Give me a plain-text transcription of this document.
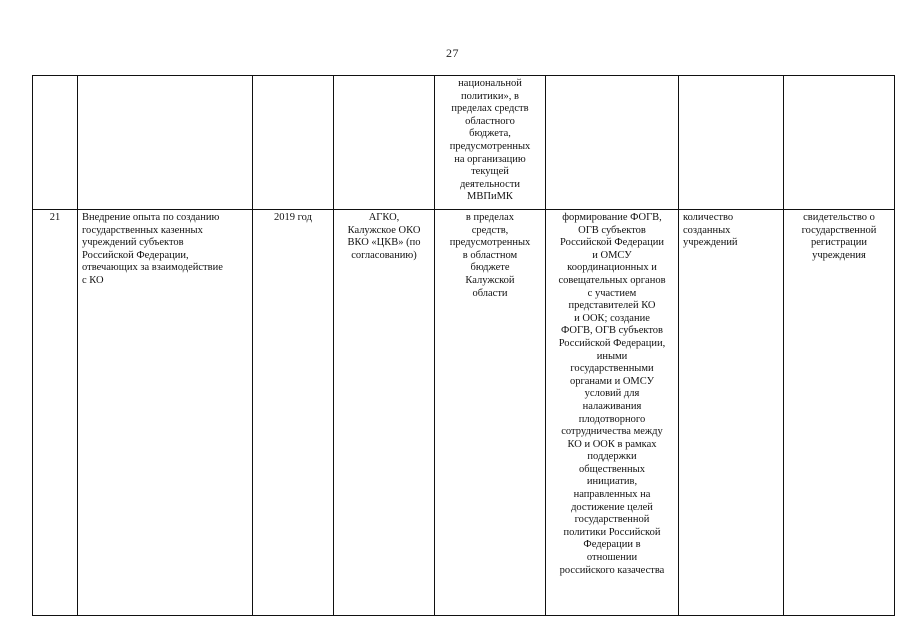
27
национальной
политики», в
пределах средств
областного
бюджета,
предусмотренных
на организацию
текущей
деятельности
МВПиМК
21	Внедрение опыта по созданию
государственных казенных
учреждений субъектов
Российской Федерации,
отвечающих за взаимодействие
с КО
2019 год	АГКО,
Калужское ОКО
ВКО «ЦКВ» (по
согласованию)
в пределах
средств,
предусмотренных
в областном
бюджете
Калужской
области
формирование ФОГВ,
ОГВ субъектов
Российской Федерации
и ОМСУ
координационных и
совещательных органов
с участием
представителей КО
и ООК; создание
ФОГВ, ОГВ субъектов
Российской Федерации,
иными
государственными
органами и ОМСУ
условий для
налаживания
плодотворного
сотрудничества между
КО и ООК в рамках
поддержки
общественных
инициатив,
направленных на
достижение целей
государственной
политики Российской
Федерации в
отношении
российского казачества
количество
созданных
учреждений
свидетельство о
государственной
регистрации
учреждения
